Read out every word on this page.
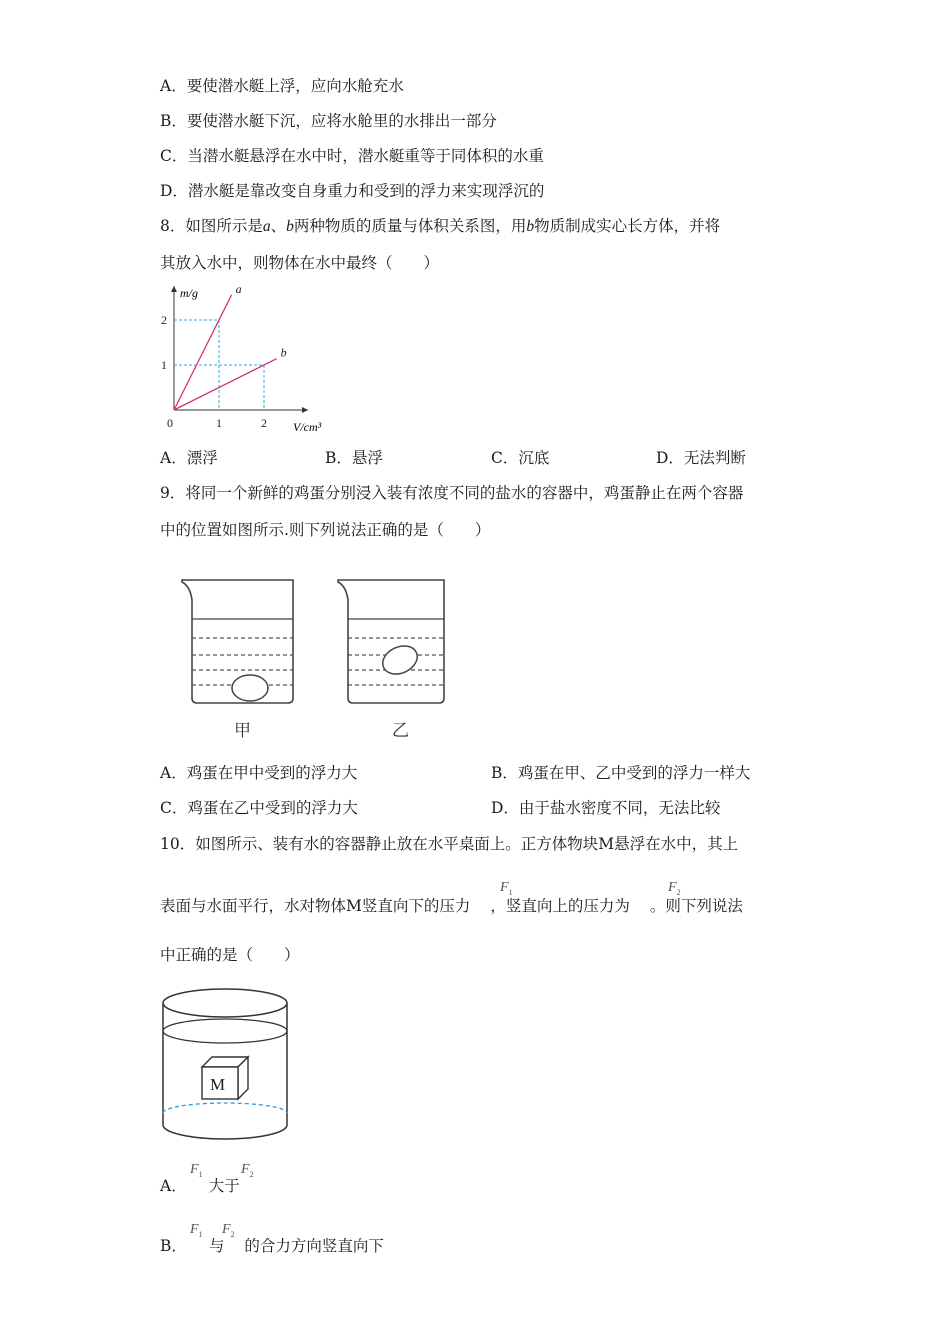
A．要使潜水艇上浮，应向水舱充水
B．要使潜水艇下沉，应将水舱里的水排出一部分
C．当潜水艇悬浮在水中时，潜水艇重等于同体积的水重
D．潜水艇是靠改变自身重力和受到的浮力来实现浮沉的
8．如图所示是a、b两种物质的质量与体积关系图，用b物质制成实心长方体，并将
其放入水中，则物体在水中最终（　　）
a
b
0	1	2
1
2
m/g
V/cm³
A．漂浮	B．悬浮	C．沉底	D．无法判断
9．将同一个新鲜的鸡蛋分别浸入装有浓度不同的盐水的容器中，鸡蛋静止在两个容器
中的位置如图所示.则下列说法正确的是（　　）
甲	乙
A．鸡蛋在甲中受到的浮力大	B．鸡蛋在甲、乙中受到的浮力一样大
C．鸡蛋在乙中受到的浮力大	D．由于盐水密度不同，无法比较
10．如图所示、装有水的容器静止放在水平桌面上。正方体物块M悬浮在水中，其上
表面与水面平行，水对物体M竖直向下的压力 ，竖直向上的压力为 。则下列说法
$F_1$	$F_2$
中正确的是（　　）
M
A． 大于
$F_1$	$F_2$
B． 与 的合力方向竖直向下
$F_1$ $F_2$
